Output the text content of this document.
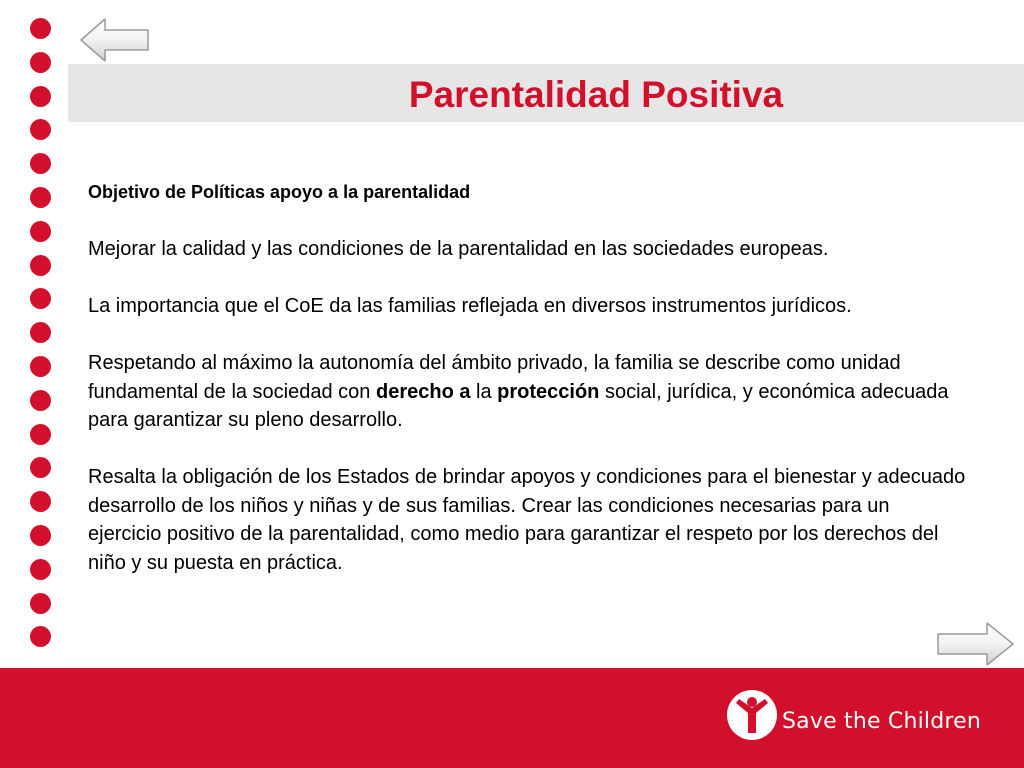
Parentalidad Positiva

Objetivo de Políticas apoyo a la parentalidad

Mejorar la calidad y las condiciones de la parentalidad en las sociedades europeas.

La importancia que el CoE da las familias reflejada en diversos instrumentos jurídicos.

Respetando al máximo la autonomía del ámbito privado, la familia se describe como unidad fundamental de la sociedad con derecho a la protección social, jurídica, y económica adecuada para garantizar su pleno desarrollo.

Resalta la obligación de los Estados de brindar apoyos y condiciones para el bienestar y adecuado desarrollo de los niños y niñas y de sus familias. Crear las condiciones necesarias para un ejercicio positivo de la parentalidad, como medio para garantizar el respeto por los derechos del niño y su puesta en práctica.

Save the Children
